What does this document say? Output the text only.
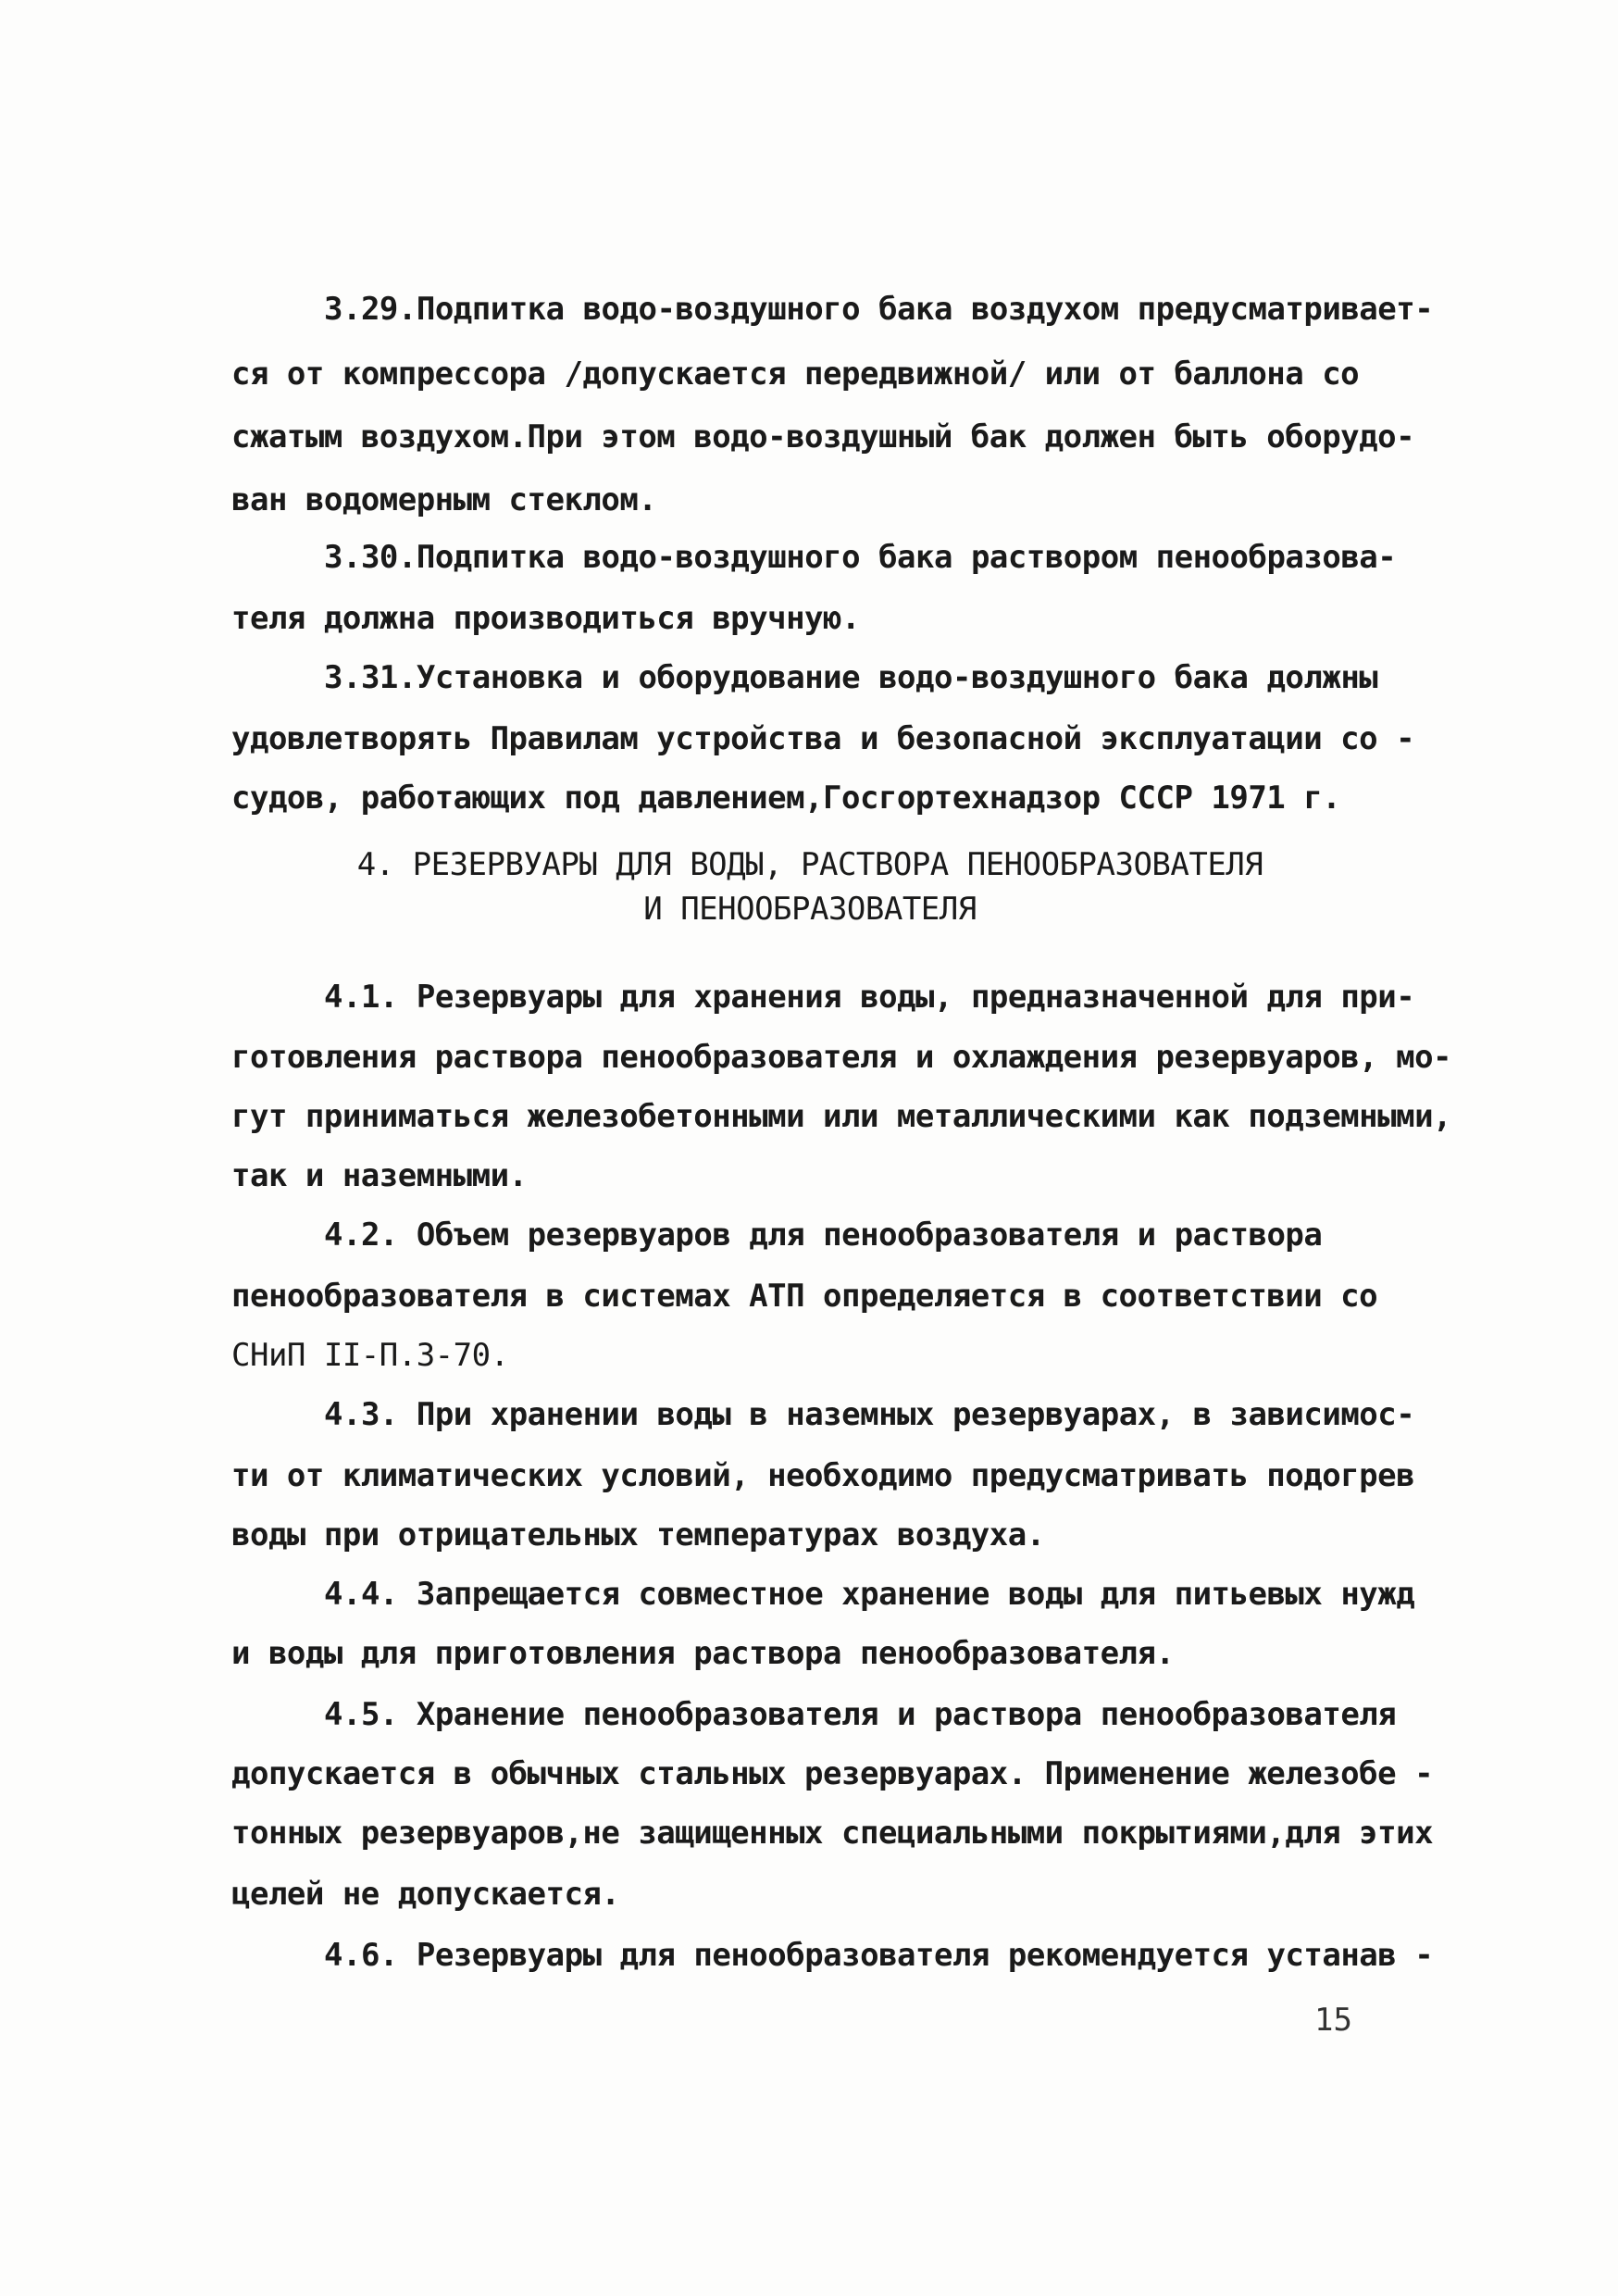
3.29.Подпитка водо-воздушного бака воздухом предусматривает-
ся от компрессора /допускается передвижной/ или от баллона со
сжатым воздухом.При этом водо-воздушный бак должен быть оборудо-
ван водомерным стеклом.
3.30.Подпитка водо-воздушного бака раствором пенообразова-
теля должна производиться вручную.
3.31.Установка и оборудование водо-воздушного бака должны
удовлетворять Правилам устройства и безопасной эксплуатации со -
судов, работающих под давлением,Госгортехнадзор СССР 1971 г.
4. РЕЗЕРВУАРЫ ДЛЯ ВОДЫ, РАСТВОРА ПЕНООБРАЗОВАТЕЛЯ
И ПЕНООБРАЗОВАТЕЛЯ
4.1. Резервуары для хранения воды, предназначенной для при-
готовления раствора пенообразователя и охлаждения резервуаров, мо-
гут приниматься железобетонными или металлическими как подземными,
так и наземными.
4.2. Объем резервуаров для пенообразователя и раствора
пенообразователя в системах АТП определяется в соответствии со
СНиП II-П.3-70.
4.3. При хранении воды в наземных резервуарах, в зависимос-
ти от климатических условий, необходимо предусматривать подогрев
воды при отрицательных температурах воздуха.
4.4. Запрещается совместное хранение воды для питьевых нужд
и воды для приготовления раствора пенообразователя.
4.5. Хранение пенообразователя и раствора пенообразователя
допускается в обычных стальных резервуарах. Применение железобе -
тонных резервуаров,не защищенных специальными покрытиями,для этих
целей не допускается.
4.6. Резервуары для пенообразователя рекомендуется устанав -
15
